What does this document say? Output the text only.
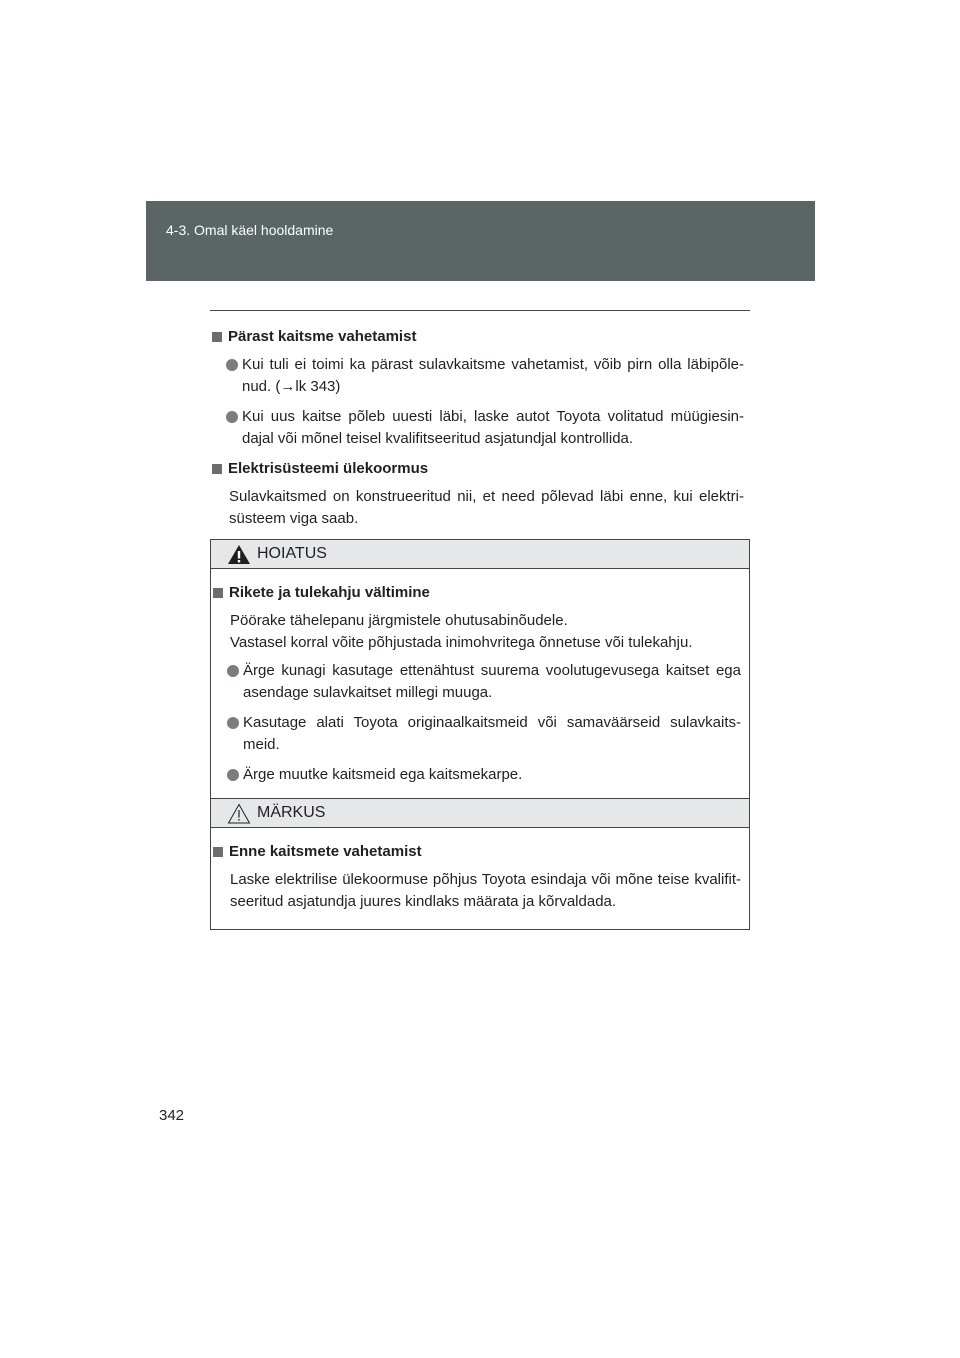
4-3. Omal käel hooldamine
Pärast kaitsme vahetamist
Kui tuli ei toimi ka pärast sulavkaitsme vahetamist, võib pirn olla läbipõle-nud. (→lk 343)
Kui uus kaitse põleb uuesti läbi, laske autot Toyota volitatud müügiesin-dajal või mõnel teisel kvalifitseeritud asjatundjal kontrollida.
Elektrisüsteemi ülekoormus
Sulavkaitsmed on konstrueeritud nii, et need põlevad läbi enne, kui elektri-süsteem viga saab.
HOIATUS
Rikete ja tulekahju vältimine
Pöörake tähelepanu järgmistele ohutusabinõudele.
Vastasel korral võite põhjustada inimohvritega õnnetuse või tulekahju.
Ärge kunagi kasutage ettenähtust suurema voolutugevusega kaitset ega asendage sulavkaitset millegi muuga.
Kasutage alati Toyota originaalkaitsmeid või samaväärseid sulavkaits-meid.
Ärge muutke kaitsmeid ega kaitsmekarpe.
MÄRKUS
Enne kaitsmete vahetamist
Laske elektrilise ülekoormuse põhjus Toyota esindaja või mõne teise kvalifit-seeritud asjatundja juures kindlaks määrata ja kõrvaldada.
342
